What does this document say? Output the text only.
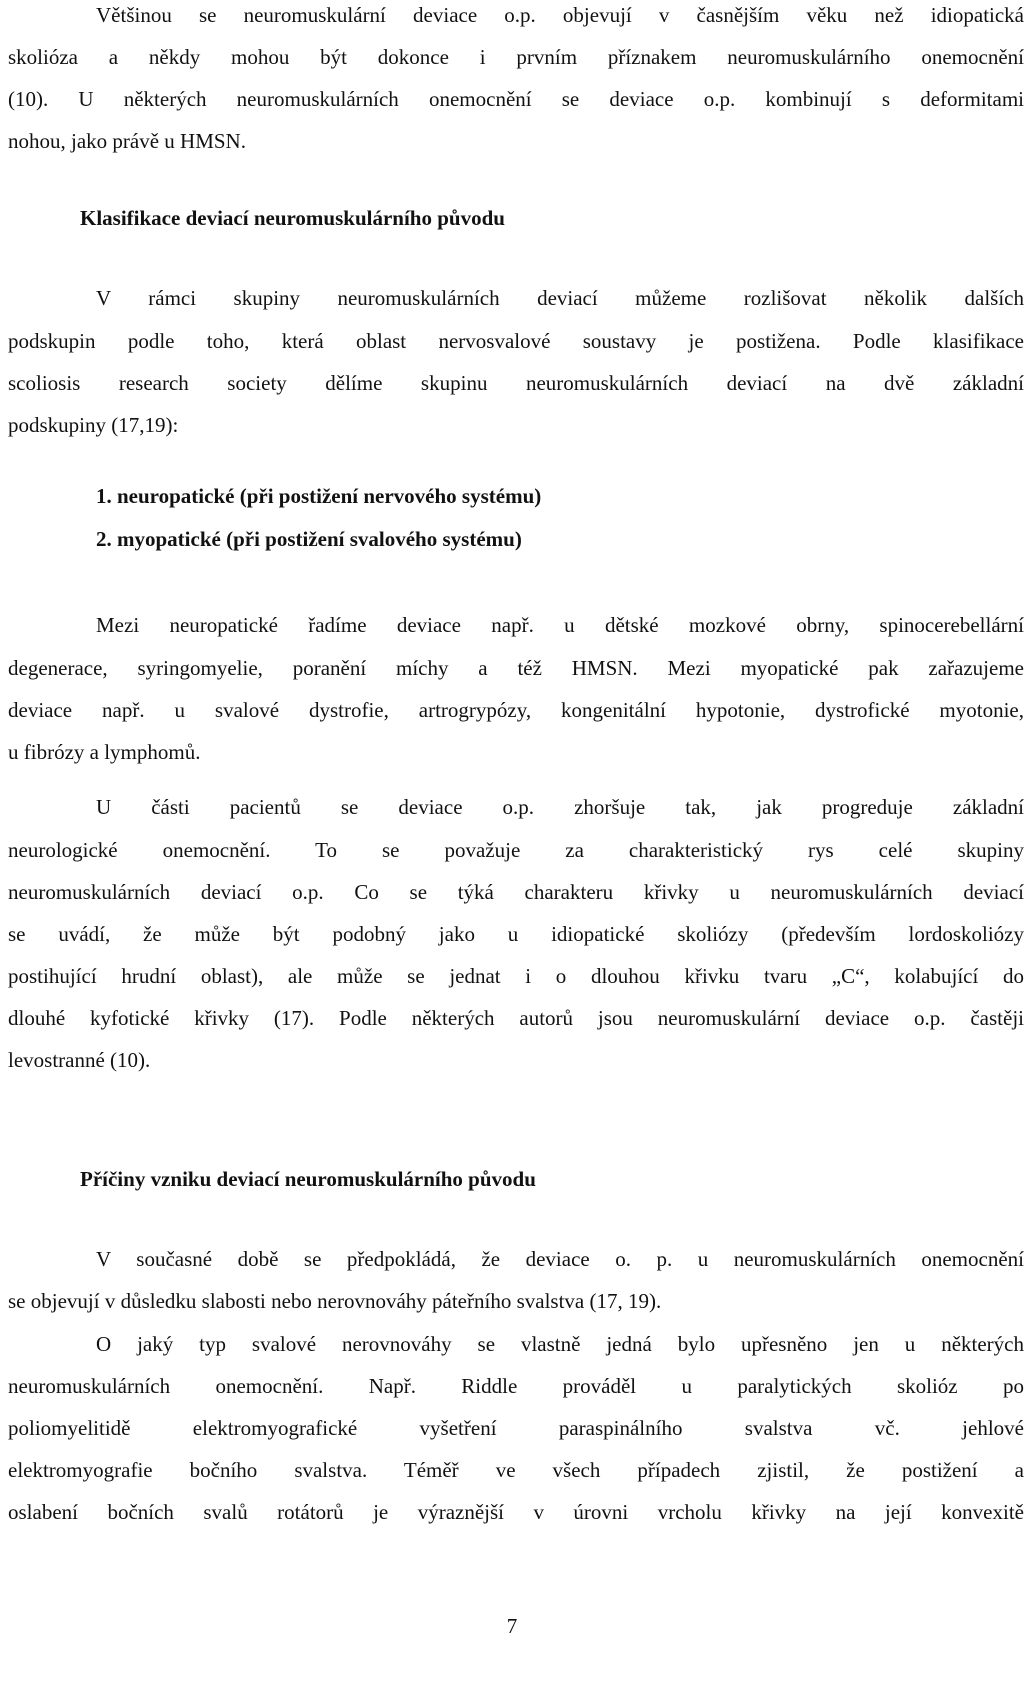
Většinou se neuromuskulární deviace o.p. objevují v časnějším věku než idiopatická
skolióza a někdy mohou být dokonce i prvním příznakem neuromuskulárního onemocnění
(10). U některých neuromuskulárních onemocnění se deviace o.p. kombinují s deformitami
nohou, jako právě u HMSN.
Klasifikace deviací neuromuskulárního původu
V rámci skupiny neuromuskulárních deviací můžeme rozlišovat několik dalších
podskupin podle toho, která oblast nervosvalové soustavy je postižena. Podle klasifikace
scoliosis research society dělíme skupinu neuromuskulárních deviací na dvě základní
podskupiny (17,19):
1. neuropatické (při postižení nervového systému)
2. myopatické (při postižení svalového systému)
Mezi neuropatické řadíme deviace např. u dětské mozkové obrny, spinocerebellární
degenerace, syringomyelie, poranění míchy a též HMSN. Mezi myopatické pak zařazujeme
deviace např. u svalové dystrofie, artrogrypózy, kongenitální hypotonie, dystrofické myotonie,
u fibrózy a lymphomů.
U části pacientů se deviace o.p. zhoršuje tak, jak progreduje základní
neurologické onemocnění. To se považuje za charakteristický rys celé skupiny
neuromuskulárních deviací o.p. Co se týká charakteru křivky u neuromuskulárních deviací
se uvádí, že může být podobný jako u idiopatické skoliózy (především lordoskoliózy
postihující hrudní oblast), ale může se jednat i o dlouhou křivku tvaru „C“, kolabující do
dlouhé kyfotické křivky (17). Podle některých autorů jsou neuromuskulární deviace o.p. častěji
levostranné (10).
Příčiny vzniku deviací neuromuskulárního původu
V současné době se předpokládá, že deviace o. p. u neuromuskulárních onemocnění
se objevují v důsledku slabosti nebo nerovnováhy páteřního svalstva (17, 19).
O jaký typ svalové nerovnováhy se vlastně jedná bylo upřesněno jen u některých
neuromuskulárních onemocnění. Např. Riddle prováděl u paralytických skolióz po
poliomyelitidě elektromyografické vyšetření paraspinálního svalstva vč. jehlové
elektromyografie bočního svalstva. Téměř ve všech případech zjistil, že postižení a
oslabení bočních svalů rotátorů je výraznější v úrovni vrcholu křivky na její konvexitě
7
